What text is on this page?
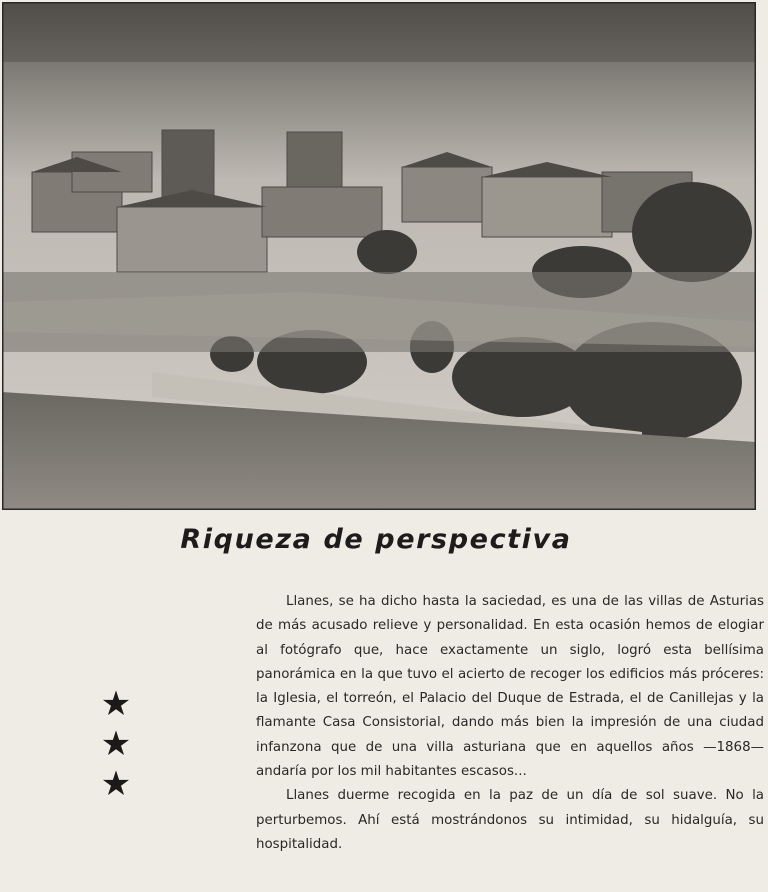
Riqueza de perspectiva
★
★
★

Llanes, se ha dicho hasta la saciedad, es una de las villas de Asturias de más acusado relieve y personalidad. En esta ocasión hemos de elogiar al fotógrafo que, hace exactamente un siglo, logró esta bellísima panorámica en la que tuvo el acierto de recoger los edificios más próceres: la Iglesia, el torreón, el Palacio del Duque de Estrada, el de Canillejas y la flamante Casa Consistorial, dando más bien la impresión de una ciudad infanzona que de una villa asturiana que en aquellos años —1868— andaría por los mil habitantes escasos...

Llanes duerme recogida en la paz de un día de sol suave. No la perturbemos. Ahí está mostrándonos su intimidad, su hidalguía, su hospitalidad.
